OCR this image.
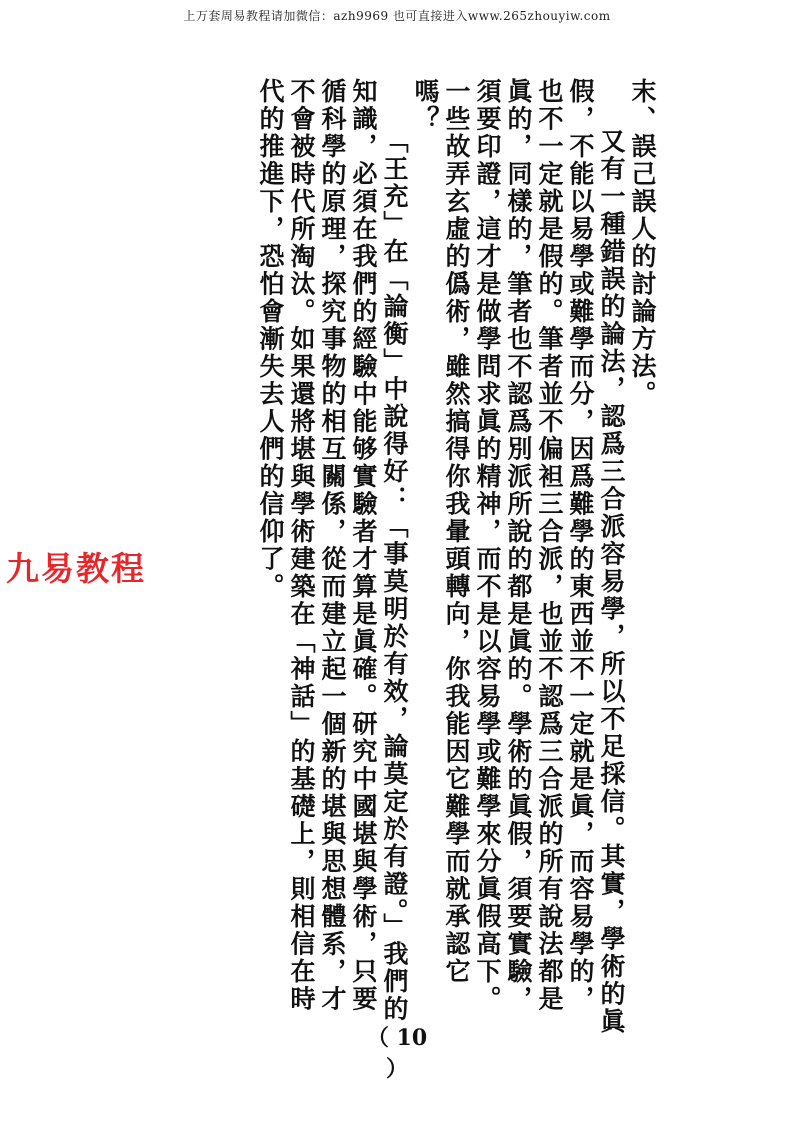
上万套周易教程请加微信：azh9969 也可直接进入www.265zhouyiw.com

末、誤己誤人的討論方法。

又有一種錯誤的論法，認爲三合派容易學，所以不足採信。其實，學術的眞假，不能以易學或難學而分，因爲難學的東西並不一定就是眞，而容易學的，也不一定就是假的。筆者並不偏袒三合派，也並不認爲三合派的所有說法都是眞的，同樣的，筆者也不認爲別派所說的都是眞的。學術的眞假，須要實驗，須要印證，這才是做學問求眞的精神，而不是以容易學或難學來分眞假高下。一些故弄玄虛的僞術，雖然搞得你我暈頭轉向，你我能因它難學而就承認它嗎？

「王充」在「論衡」中說得好：「事莫明於有效，論莫定於有證。」我們的知識，必須在我們的經驗中能够實驗者才算是眞確。研究中國堪與學術，只要循科學的原理，探究事物的相互關係，從而建立起一個新的堪與思想體系，才不會被時代所淘汰。如果還將堪與學術建築在「神話」的基礎上，則相信在時代的推進下，恐怕會漸失去人們的信仰了。

九易教程
（ 10 ）
